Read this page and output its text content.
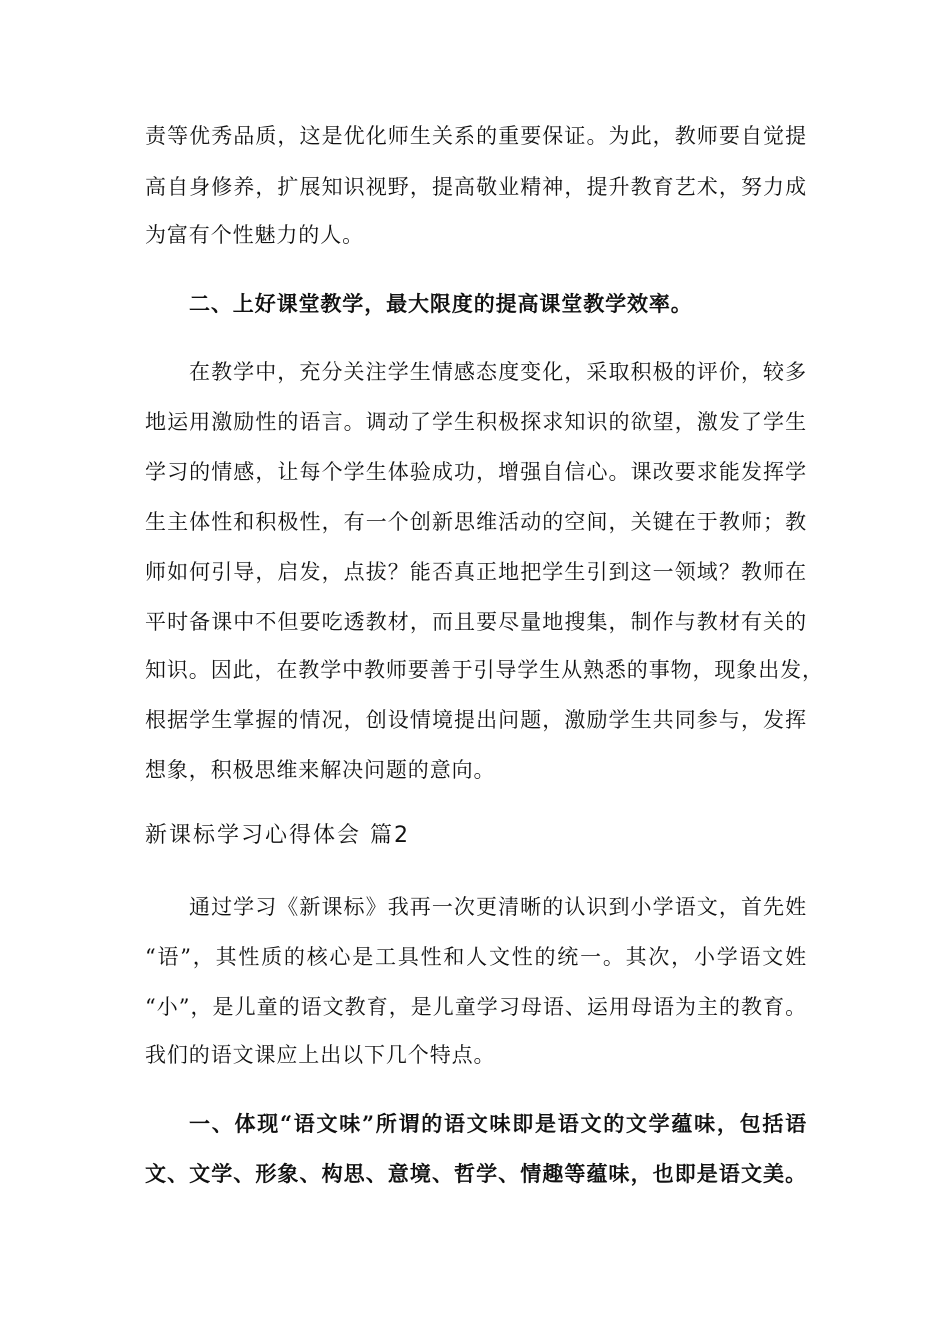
责等优秀品质，这是优化师生关系的重要保证。为此，教师要自觉提
高自身修养，扩展知识视野，提高敬业精神，提升教育艺术，努力成
为富有个性魅力的人。
二、上好课堂教学，最大限度的提高课堂教学效率。
在教学中，充分关注学生情感态度变化，采取积极的评价，较多
地运用激励性的语言。调动了学生积极探求知识的欲望，激发了学生
学习的情感，让每个学生体验成功，增强自信心。课改要求能发挥学
生主体性和积极性，有一个创新思维活动的空间，关键在于教师；教
师如何引导，启发，点拔？能否真正地把学生引到这一领域？教师在
平时备课中不但要吃透教材，而且要尽量地搜集，制作与教材有关的
知识。因此，在教学中教师要善于引导学生从熟悉的事物，现象出发，
根据学生掌握的情况，创设情境提出问题，激励学生共同参与，发挥
想象，积极思维来解决问题的意向。
新课标学习心得体会 篇2
通过学习《新课标》我再一次更清晰的认识到小学语文，首先姓
“语”，其性质的核心是工具性和人文性的统一。其次，小学语文姓
“小”，是儿童的语文教育，是儿童学习母语、运用母语为主的教育。
我们的语文课应上出以下几个特点。
一、体现“语文味”所谓的语文味即是语文的文学蕴味，包括语
文、文学、形象、构思、意境、哲学、情趣等蕴味，也即是语文美。
